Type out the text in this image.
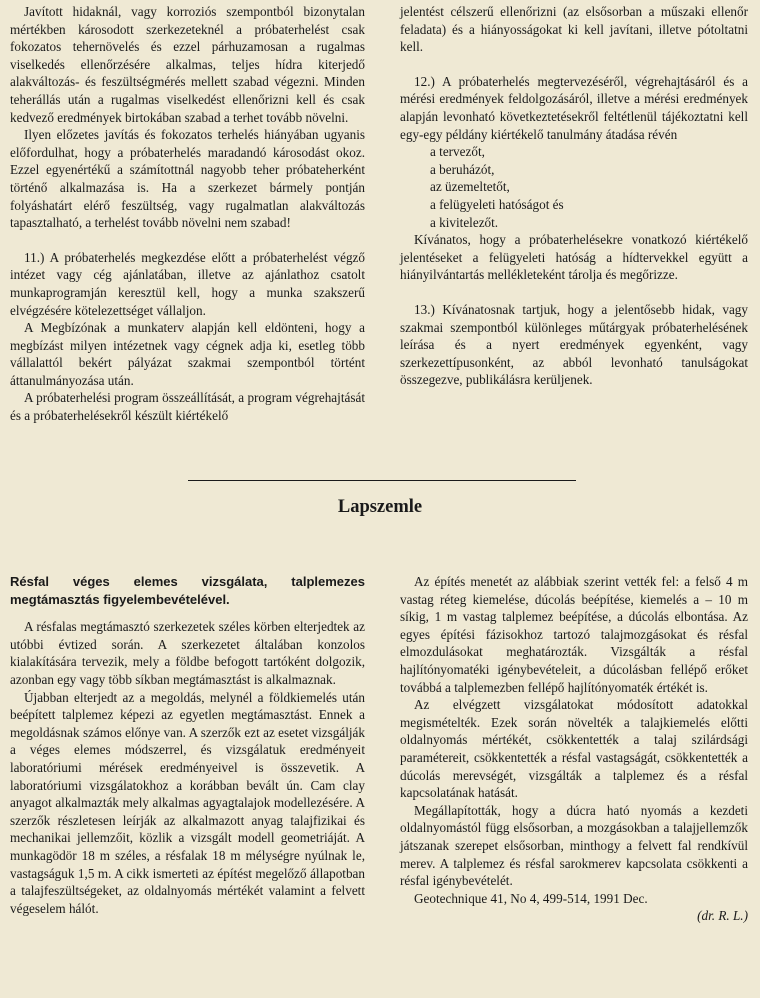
Javított hidaknál, vagy korroziós szempontból bizonytalan mértékben károsodott szerkezeteknél a próbaterhelést csak fokozatos tehernövelés és ezzel párhuzamosan a rugalmas viselkedés ellenőrzésére alkalmas, teljes hídra kiterjedő alakváltozás- és feszültségmérés mellett szabad végezni. Minden teherállás után a rugalmas viselkedést ellenőrizni kell és csak kedvező eredmények birtokában szabad a terhet tovább növelni.

Ilyen előzetes javítás és fokozatos terhelés hiányában ugyanis előfordulhat, hogy a próbaterhelés maradandó károsodást okoz. Ezzel egyenértékű a számítottnál nagyobb teher próbateherként történő alkalmazása is. Ha a szerkezet bármely pontján folyáshatárt elérő feszültség, vagy rugalmatlan alakváltozás tapasztalható, a terhelést tovább növelni nem szabad!

11.) A próbaterhelés megkezdése előtt a próbaterhelést végző intézet vagy cég ajánlatában, illetve az ajánlathoz csatolt munkaprogramján keresztül kell, hogy a munka szakszerű elvégzésére kötelezettséget vállaljon.

A Megbízónak a munkaterv alapján kell eldönteni, hogy a megbízást milyen intézetnek vagy cégnek adja ki, esetleg több vállalattól bekért pályázat szakmai szempontból történt áttanulmányozása után.

A próbaterhelési program összeállítását, a program végrehajtását és a próbaterhelésekről készült kiértékelő

jelentést célszerű ellenőrizni (az elsősorban a műszaki ellenőr feladata) és a hiányosságokat ki kell javítani, illetve pótoltatni kell.

12.) A próbaterhelés megtervezéséről, végrehajtásáról és a mérési eredmények feldolgozásáról, illetve a mérési eredmények alapján levonható következtetésekről feltétlenül tájékoztatni kell egy-egy példány kiértékelő tanulmány átadása révén

a tervezőt,

a beruházót,

az üzemeltetőt,

a felügyeleti hatóságot és

a kivitelezőt.

Kívánatos, hogy a próbaterhelésekre vonatkozó kiértékelő jelentéseket a felügyeleti hatóság a hídtervekkel együtt a hiányilvántartás mellékleteként tárolja és megőrizze.

13.) Kívánatosnak tartjuk, hogy a jelentősebb hidak, vagy szakmai szempontból különleges műtárgyak próbaterhelésének leírása és a nyert eredmények egyenként, vagy szerkezettípusonként, az abból levonható tanulságokat összegezve, publikálásra kerüljenek.

Lapszemle

Résfal véges elemes vizsgálata, talplemezes megtámasztás figyelembevételével.

A résfalas megtámasztó szerkezetek széles körben elterjedtek az utóbbi évtized során. A szerkezetet általában konzolos kialakítására tervezik, mely a földbe befogott tartóként dolgozik, azonban egy vagy több síkban megtámasztást is alkalmaznak.

Újabban elterjedt az a megoldás, melynél a földkiemelés után beépített talplemez képezi az egyetlen megtámasztást. Ennek a megoldásnak számos előnye van. A szerzők ezt az esetet vizsgálják a véges elemes módszerrel, és vizsgálatuk eredményeit laboratóriumi mérések eredményeivel is összevetik. A laboratóriumi vizsgálatokhoz a korábban bevált ún. Cam clay anyagot alkalmazták mely alkalmas agyagtalajok modellezésére. A szerzők részletesen leírják az alkalmazott anyag talajfizikai és mechanikai jellemzőit, közlik a vizsgált modell geometriáját. A munkagödör 18 m széles, a résfalak 18 m mélységre nyúlnak le, vastagságuk 1,5 m. A cikk ismerteti az építést megelőző állapotban a talajfeszültségeket, az oldalnyomás mértékét valamint a felvett végeselem hálót.

Az építés menetét az alábbiak szerint vették fel: a felső 4 m vastag réteg kiemelése, dúcolás beépítése, kiemelés a – 10 m síkig, 1 m vastag talplemez beépítése, a dúcolás elbontása. Az egyes építési fázisokhoz tartozó talajmozgásokat és résfal elmozdulásokat meghatározták. Vizsgálták a résfal hajlítónyomatéki igénybevételeit, a dúcolásban fellépő erőket továbbá a talplemezben fellépő hajlítónyomaték értékét is.

Az elvégzett vizsgálatokat módosított adatokkal megismételték. Ezek során növelték a talajkiemelés előtti oldalnyomás mértékét, csökkentették a talaj szilárdsági paramétereit, csökkentették a résfal vastagságát, csökkentették a dúcolás merevségét, vizsgálták a talplemez és a résfal kapcsolatának hatását.

Megállapították, hogy a dúcra ható nyomás a kezdeti oldalnyomástól függ elsősorban, a mozgásokban a talajjellemzők játszanak szerepet elsősorban, minthogy a felvett fal rendkívül merev. A talplemez és résfal sarokmerev kapcsolata csökkenti a résfal igénybevételét.

Geotechnique 41, No 4, 499-514, 1991 Dec.

(dr. R. L.)
